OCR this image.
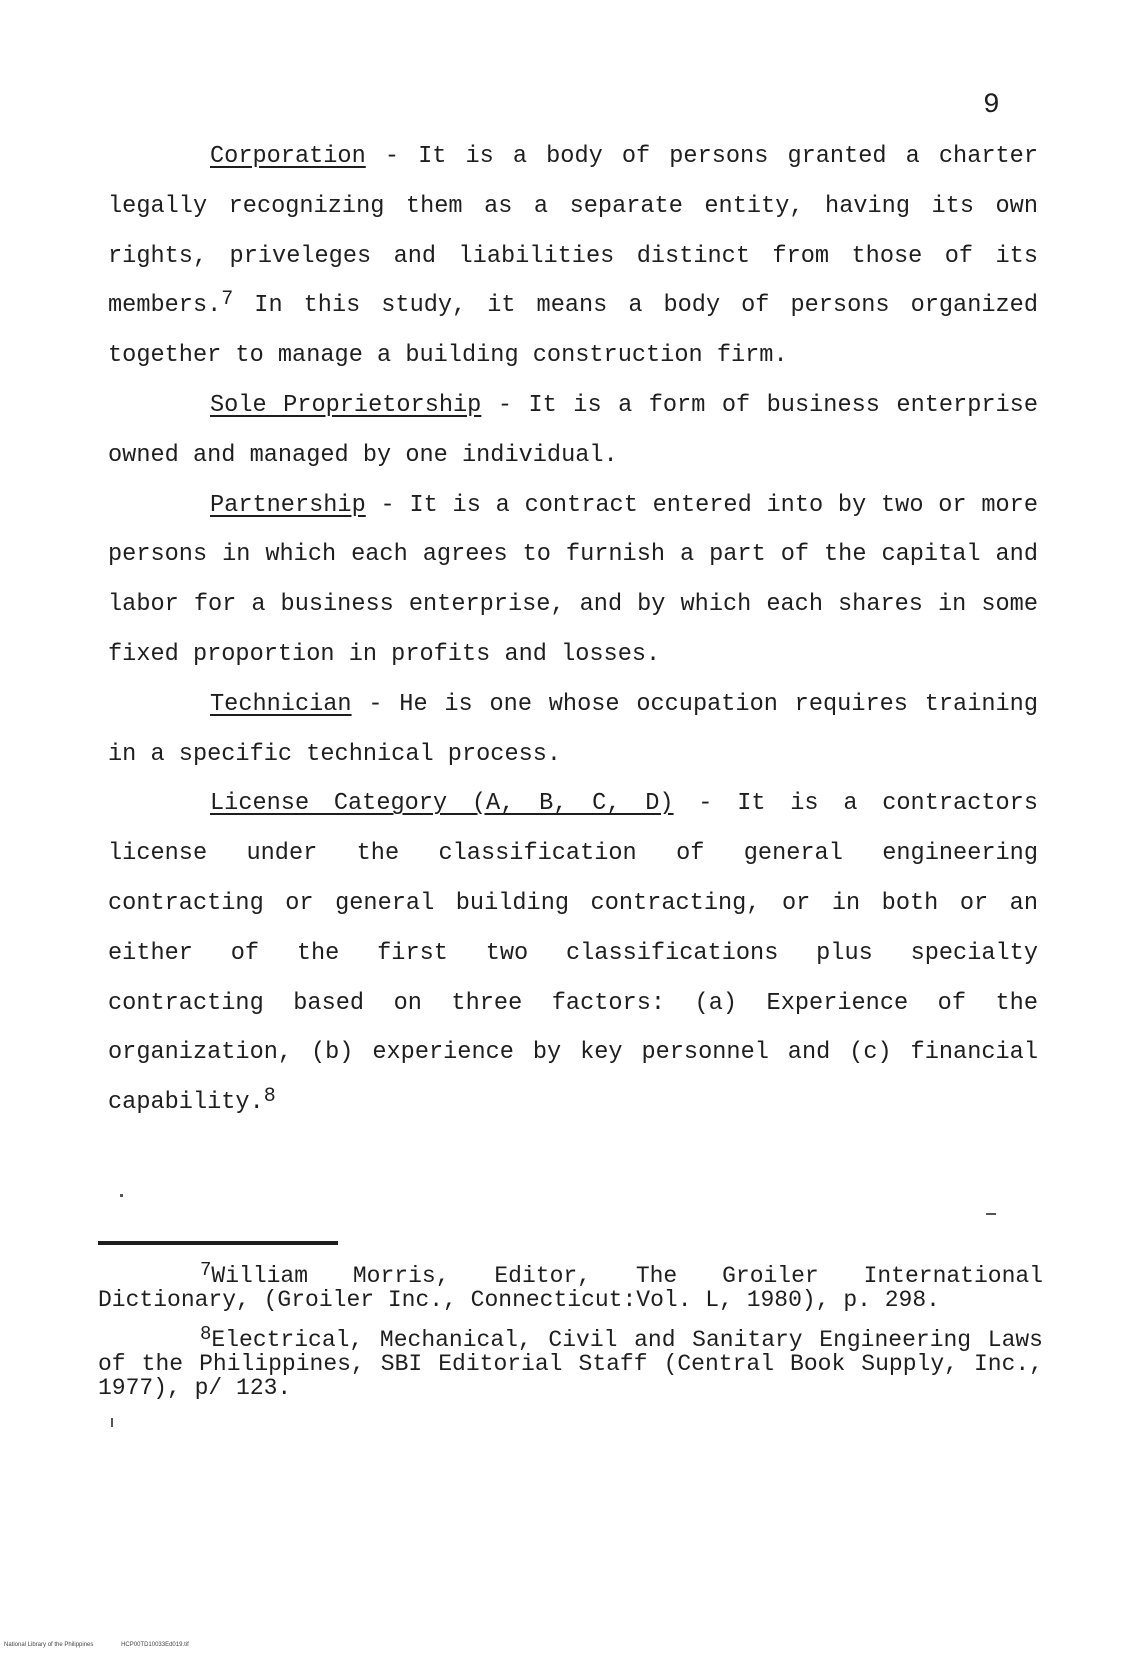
9

Corporation - It is a body of persons granted a charter legally recognizing them as a separate entity, having its own rights, priveleges and liabilities distinct from those of its members.$^7$ In this study, it means a body of persons organized together to manage a building construction firm.

Sole Proprietorship - It is a form of business enterprise owned and managed by one individual.

Partnership - It is a contract entered into by two or more persons in which each agrees to furnish a part of the capital and labor for a business enterprise, and by which each shares in some fixed proportion in profits and losses.

Technician - He is one whose occupation requires training in a specific technical process.

License Category (A, B, C, D) - It is a contractors license under the classification of general engineering contracting or general building contracting, or in both or an either of the first two classifications plus specialty contracting based on three factors: (a) Experience of the organization, (b) experience by key personnel and (c) financial capability.$^8$

$^7$William Morris, Editor, The Groiler International Dictionary, (Groiler Inc., Connecticut:Vol. L, 1980), p. 298.

$^8$Electrical, Mechanical, Civil and Sanitary Engineering Laws of the Philippines, SBI Editorial Staff (Central Book Supply, Inc., 1977), p/ 123.

National Library of the Philippines	HCP00TD10033Ed019.tif
